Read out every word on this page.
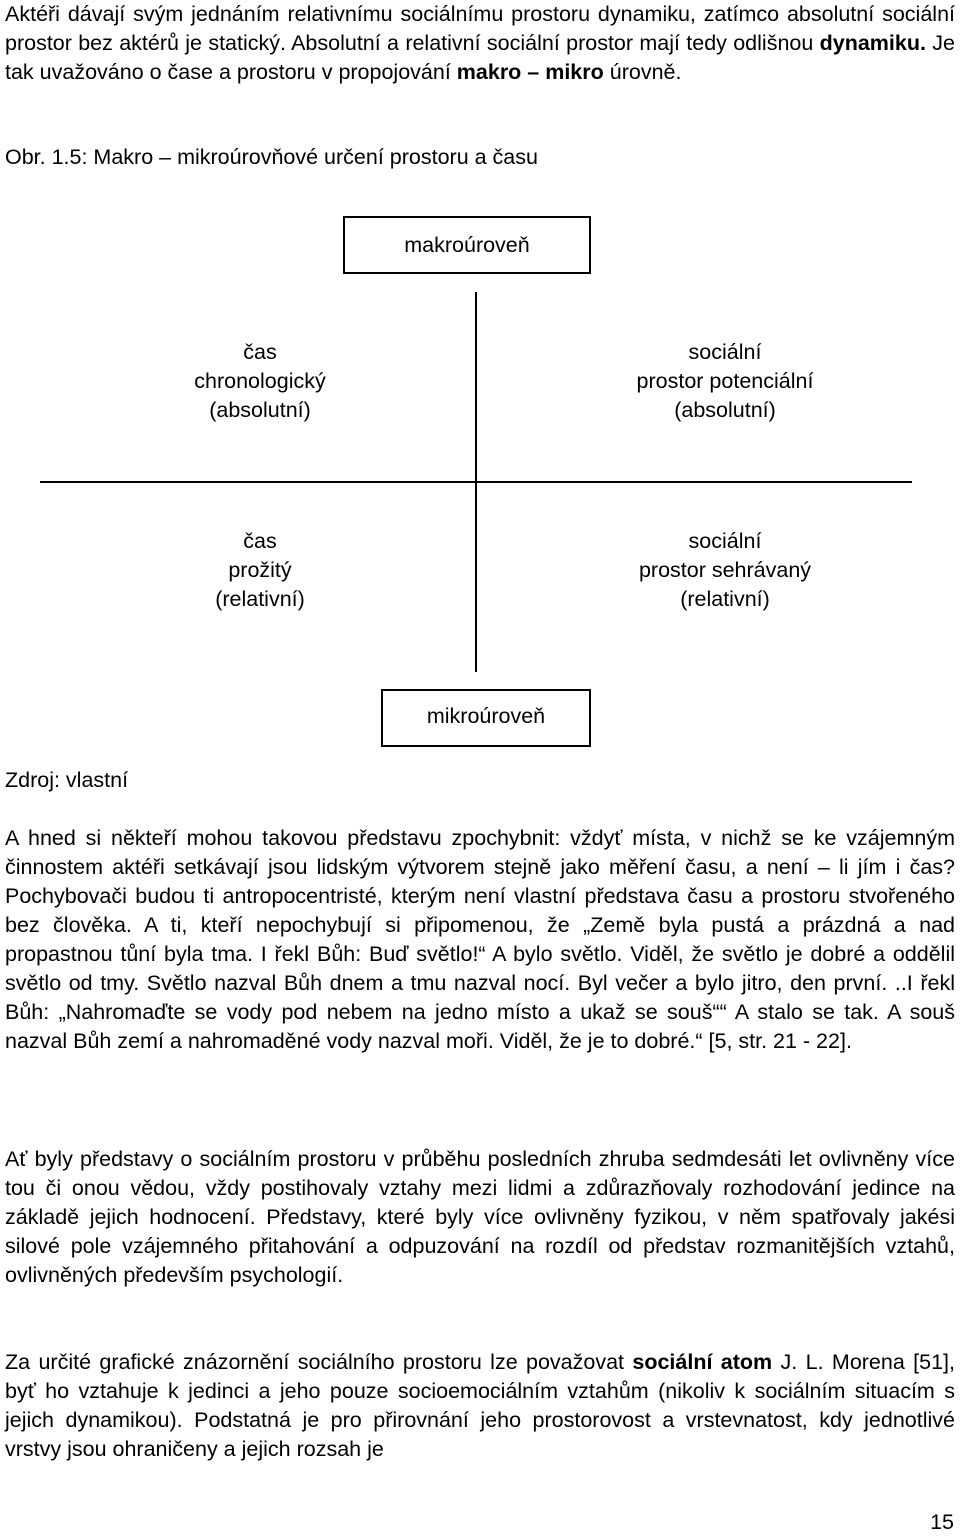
Aktéři dávají svým jednáním relativnímu sociálnímu prostoru dynamiku, zatímco absolutní sociální prostor bez aktérů je statický. Absolutní a relativní sociální prostor mají tedy odlišnou dynamiku. Je tak uvažováno o čase a prostoru v propojování makro – mikro úrovně.

Obr. 1.5: Makro – mikroúrovňové určení prostoru a času
makroúroveň
čas
chronologický
(absolutní)
sociální
prostor potenciální
(absolutní)
čas
prožitý
(relativní)
sociální
prostor sehrávaný
(relativní)
mikroúroveň
Zdroj: vlastní

A hned si někteří mohou takovou představu zpochybnit: vždyť místa, v nichž se ke vzájemným činnostem aktéři setkávají jsou lidským výtvorem stejně jako měření času, a není – li jím i čas? Pochybovači budou ti antropocentristé, kterým není vlastní představa času a prostoru stvořeného bez člověka. A ti, kteří nepochybují si připomenou, že „Země byla pustá a prázdná a nad propastnou tůní byla tma. I řekl Bůh: Buď světlo!“ A bylo světlo. Viděl, že světlo je dobré a oddělil světlo od tmy. Světlo nazval Bůh dnem a tmu nazval nocí. Byl večer a bylo jitro, den první. ..I řekl Bůh: „Nahromaďte se vody pod nebem na jedno místo a ukaž se souš““ A stalo se tak. A souš nazval Bůh zemí a nahromaděné vody nazval moři. Viděl, že je to dobré.“ [5, str. 21 - 22].

Ať byly představy o sociálním prostoru v průběhu posledních zhruba sedmdesáti let ovlivněny více tou či onou vědou, vždy postihovaly vztahy mezi lidmi a zdůrazňovaly rozhodování jedince na základě jejich hodnocení. Představy, které byly více ovlivněny fyzikou, v něm spatřovaly jakési silové pole vzájemného přitahování a odpuzování na rozdíl od představ rozmanitějších vztahů, ovlivněných především psychologií.

Za určité grafické znázornění sociálního prostoru lze považovat sociální atom J. L. Morena [51], byť ho vztahuje k jedinci a jeho pouze socioemociálním vztahům (nikoliv k sociálním situacím s jejich dynamikou). Podstatná je pro přirovnání jeho prostorovost a vrstevnatost, kdy jednotlivé vrstvy jsou ohraničeny a jejich rozsah je

15
